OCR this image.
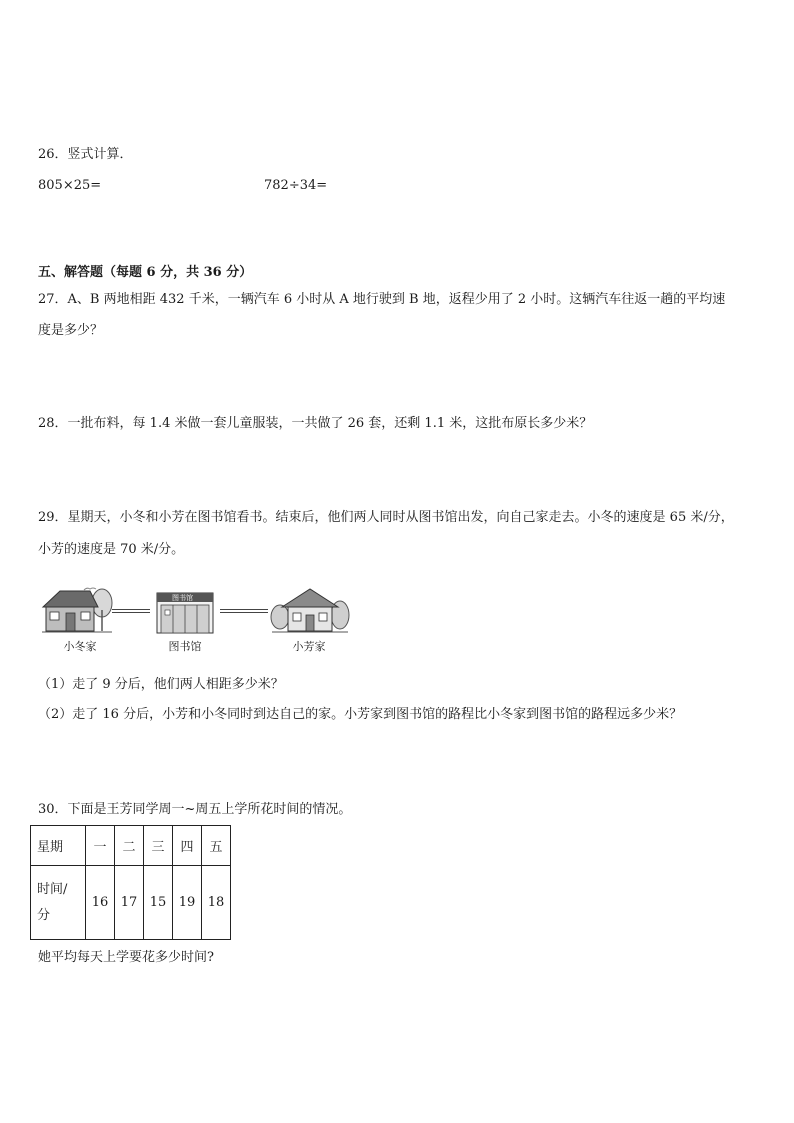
26．竖式计算．
805×25=	782÷34=
五、解答题（每题 6 分，共 36 分）
27．A、B 两地相距 432 千米，一辆汽车 6 小时从 A 地行驶到 B 地，返程少用了 2 小时。这辆汽车往返一趟的平均速
度是多少？
28．一批布料，每 1.4 米做一套儿童服装，一共做了 26 套，还剩 1.1 米，这批布原长多少米？
29．星期天，小冬和小芳在图书馆看书。结束后，他们两人同时从图书馆出发，向自己家走去。小冬的速度是 65 米/分，
小芳的速度是 70 米/分。
图书馆
小冬家	图书馆	小芳家
（1）走了 9 分后，他们两人相距多少米？
（2）走了 16 分后，小芳和小冬同时到达自己的家。小芳家到图书馆的路程比小冬家到图书馆的路程远多少米？
30．下面是王芳同学周一~周五上学所花时间的情况。
星期	一	二	三	四	五
时间/
分	16	17	15	19	18
她平均每天上学要花多少时间?
